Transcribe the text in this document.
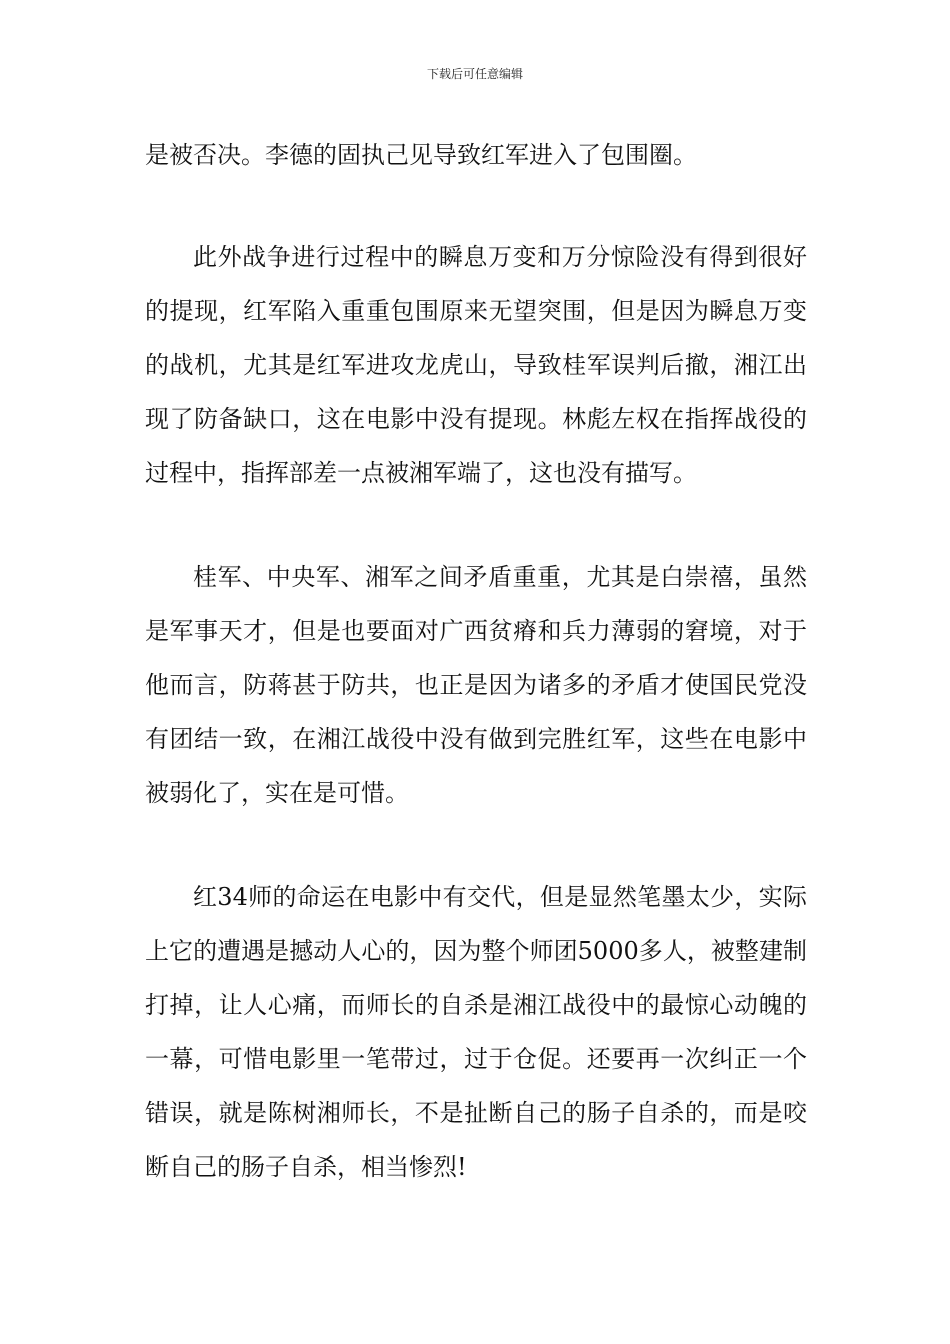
下载后可任意编辑

是被否决。李德的固执己见导致红军进入了包围圈。

此外战争进行过程中的瞬息万变和万分惊险没有得到很好的提现，红军陷入重重包围原来无望突围，但是因为瞬息万变的战机，尤其是红军进攻龙虎山，导致桂军误判后撤，湘江出现了防备缺口，这在电影中没有提现。林彪左权在指挥战役的过程中，指挥部差一点被湘军端了，这也没有描写。

桂军、中央军、湘军之间矛盾重重，尤其是白崇禧，虽然是军事天才，但是也要面对广西贫瘠和兵力薄弱的窘境，对于他而言，防蒋甚于防共，也正是因为诸多的矛盾才使国民党没有团结一致，在湘江战役中没有做到完胜红军，这些在电影中被弱化了，实在是可惜。

红34师的命运在电影中有交代，但是显然笔墨太少，实际上它的遭遇是撼动人心的，因为整个师团5000多人，被整建制打掉，让人心痛，而师长的自杀是湘江战役中的最惊心动魄的一幕，可惜电影里一笔带过，过于仓促。还要再一次纠正一个错误，就是陈树湘师长，不是扯断自己的肠子自杀的，而是咬断自己的肠子自杀，相当惨烈!
